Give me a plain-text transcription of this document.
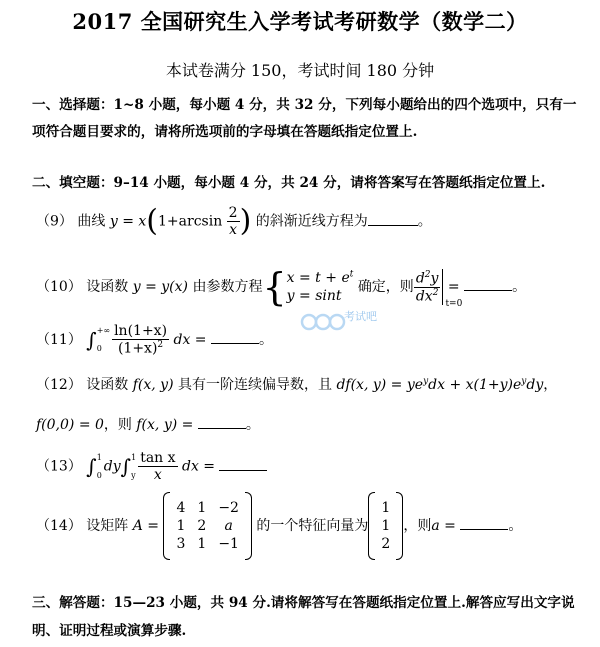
2017 全国研究生入学考试考研数学（数学二）
本试卷满分 150，考试时间 180 分钟
一、选择题：1~8 小题，每小题 4 分，共 32 分，下列每小题给出的四个选项中，只有一
项符合题目要求的，请将所选项前的字母填在答题纸指定位置上.
二、填空题：9–14 小题，每小题 4 分，共 24 分，请将答案写在答题纸指定位置上.
（9） 曲线 $y = x(1+\arcsin \frac{2}{x}$ ) 的斜渐近线方程为	。
（10） 设函数 y = y(x) 由参数方程{ $x = t + e^t$
y = sint
确定，则 $\frac{d^2y}{dx^2} t=0$
=	。
（11） ∫ +∞
$0 \frac{\ln(1+x)}{(1+x)^2}$ dx =	。
（12） 设函数 f(x, y) 具有一阶连续偏导数，且 df(x, $y) = ye^ydx + x(1+y)e^ydy$，
f(0,0) = 0，则 f(x, y) =	。
（13） ∫ 1
0
dy∫ 1
y $\frac{\text{tan x}}{x}$ dx =
（14） 设矩阵 A =
4	1	−2
1	2	a
3	1	−1
的一个特征向量为
1
1
2
，则a =	。
三、解答题：15—23 小题，共 94 分.请将解答写在答题纸指定位置上.解答应写出文字说
明、证明过程或演算步骤.
考试吧
